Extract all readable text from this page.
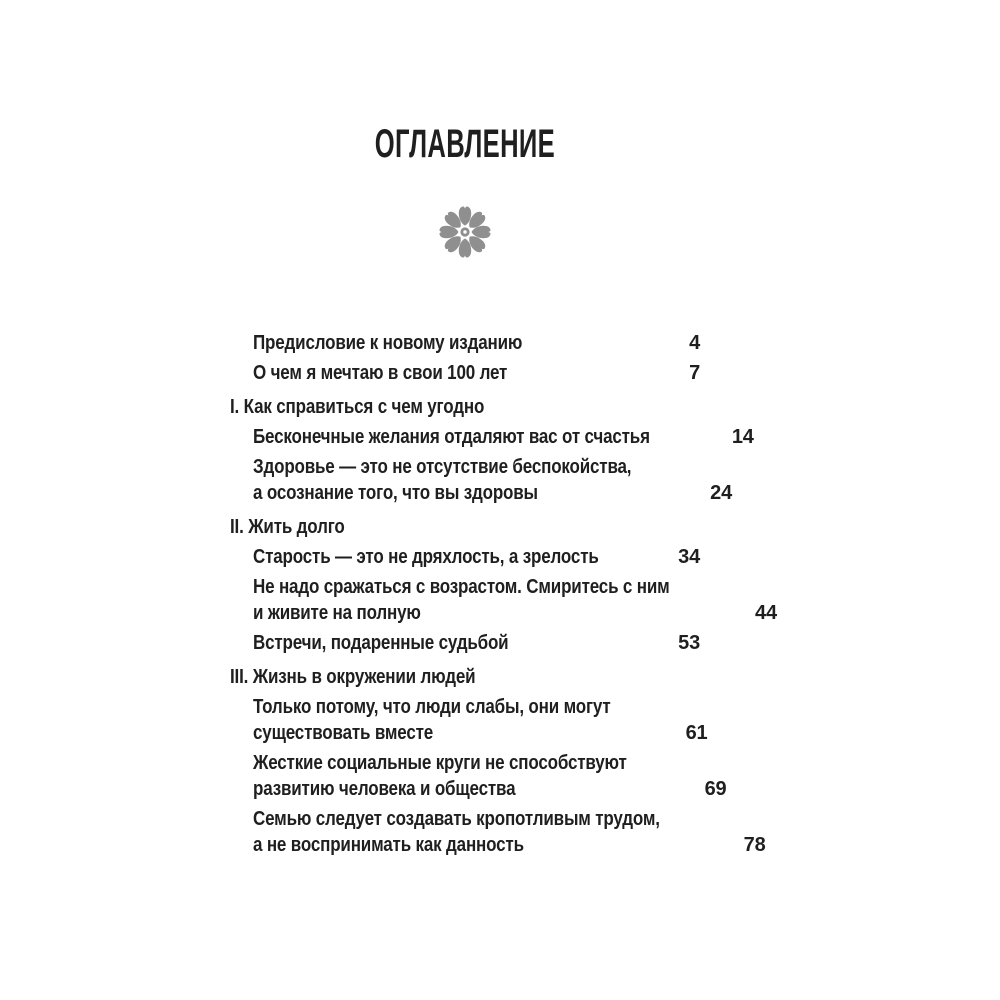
ОГЛАВЛЕНИЕ
Предисловие к новому изданию	4
О чем я мечтаю в свои 100 лет	7
I. Как справиться с чем угодно
Бесконечные желания отдаляют вас от счастья	14
Здоровье — это не отсутствие беспокойства,
а осознание того, что вы здоровы	24
II. Жить долго
Старость — это не дряхлость, а зрелость	34
Не надо сражаться с возрастом. Смиритесь с ним
и живите на полную	44
Встречи, подаренные судьбой	53
III. Жизнь в окружении людей
Только потому, что люди слабы, они могут
существовать вместе	61
Жесткие социальные круги не способствуют
развитию человека и общества	69
Семью следует создавать кропотливым трудом,
а не воспринимать как данность	78
